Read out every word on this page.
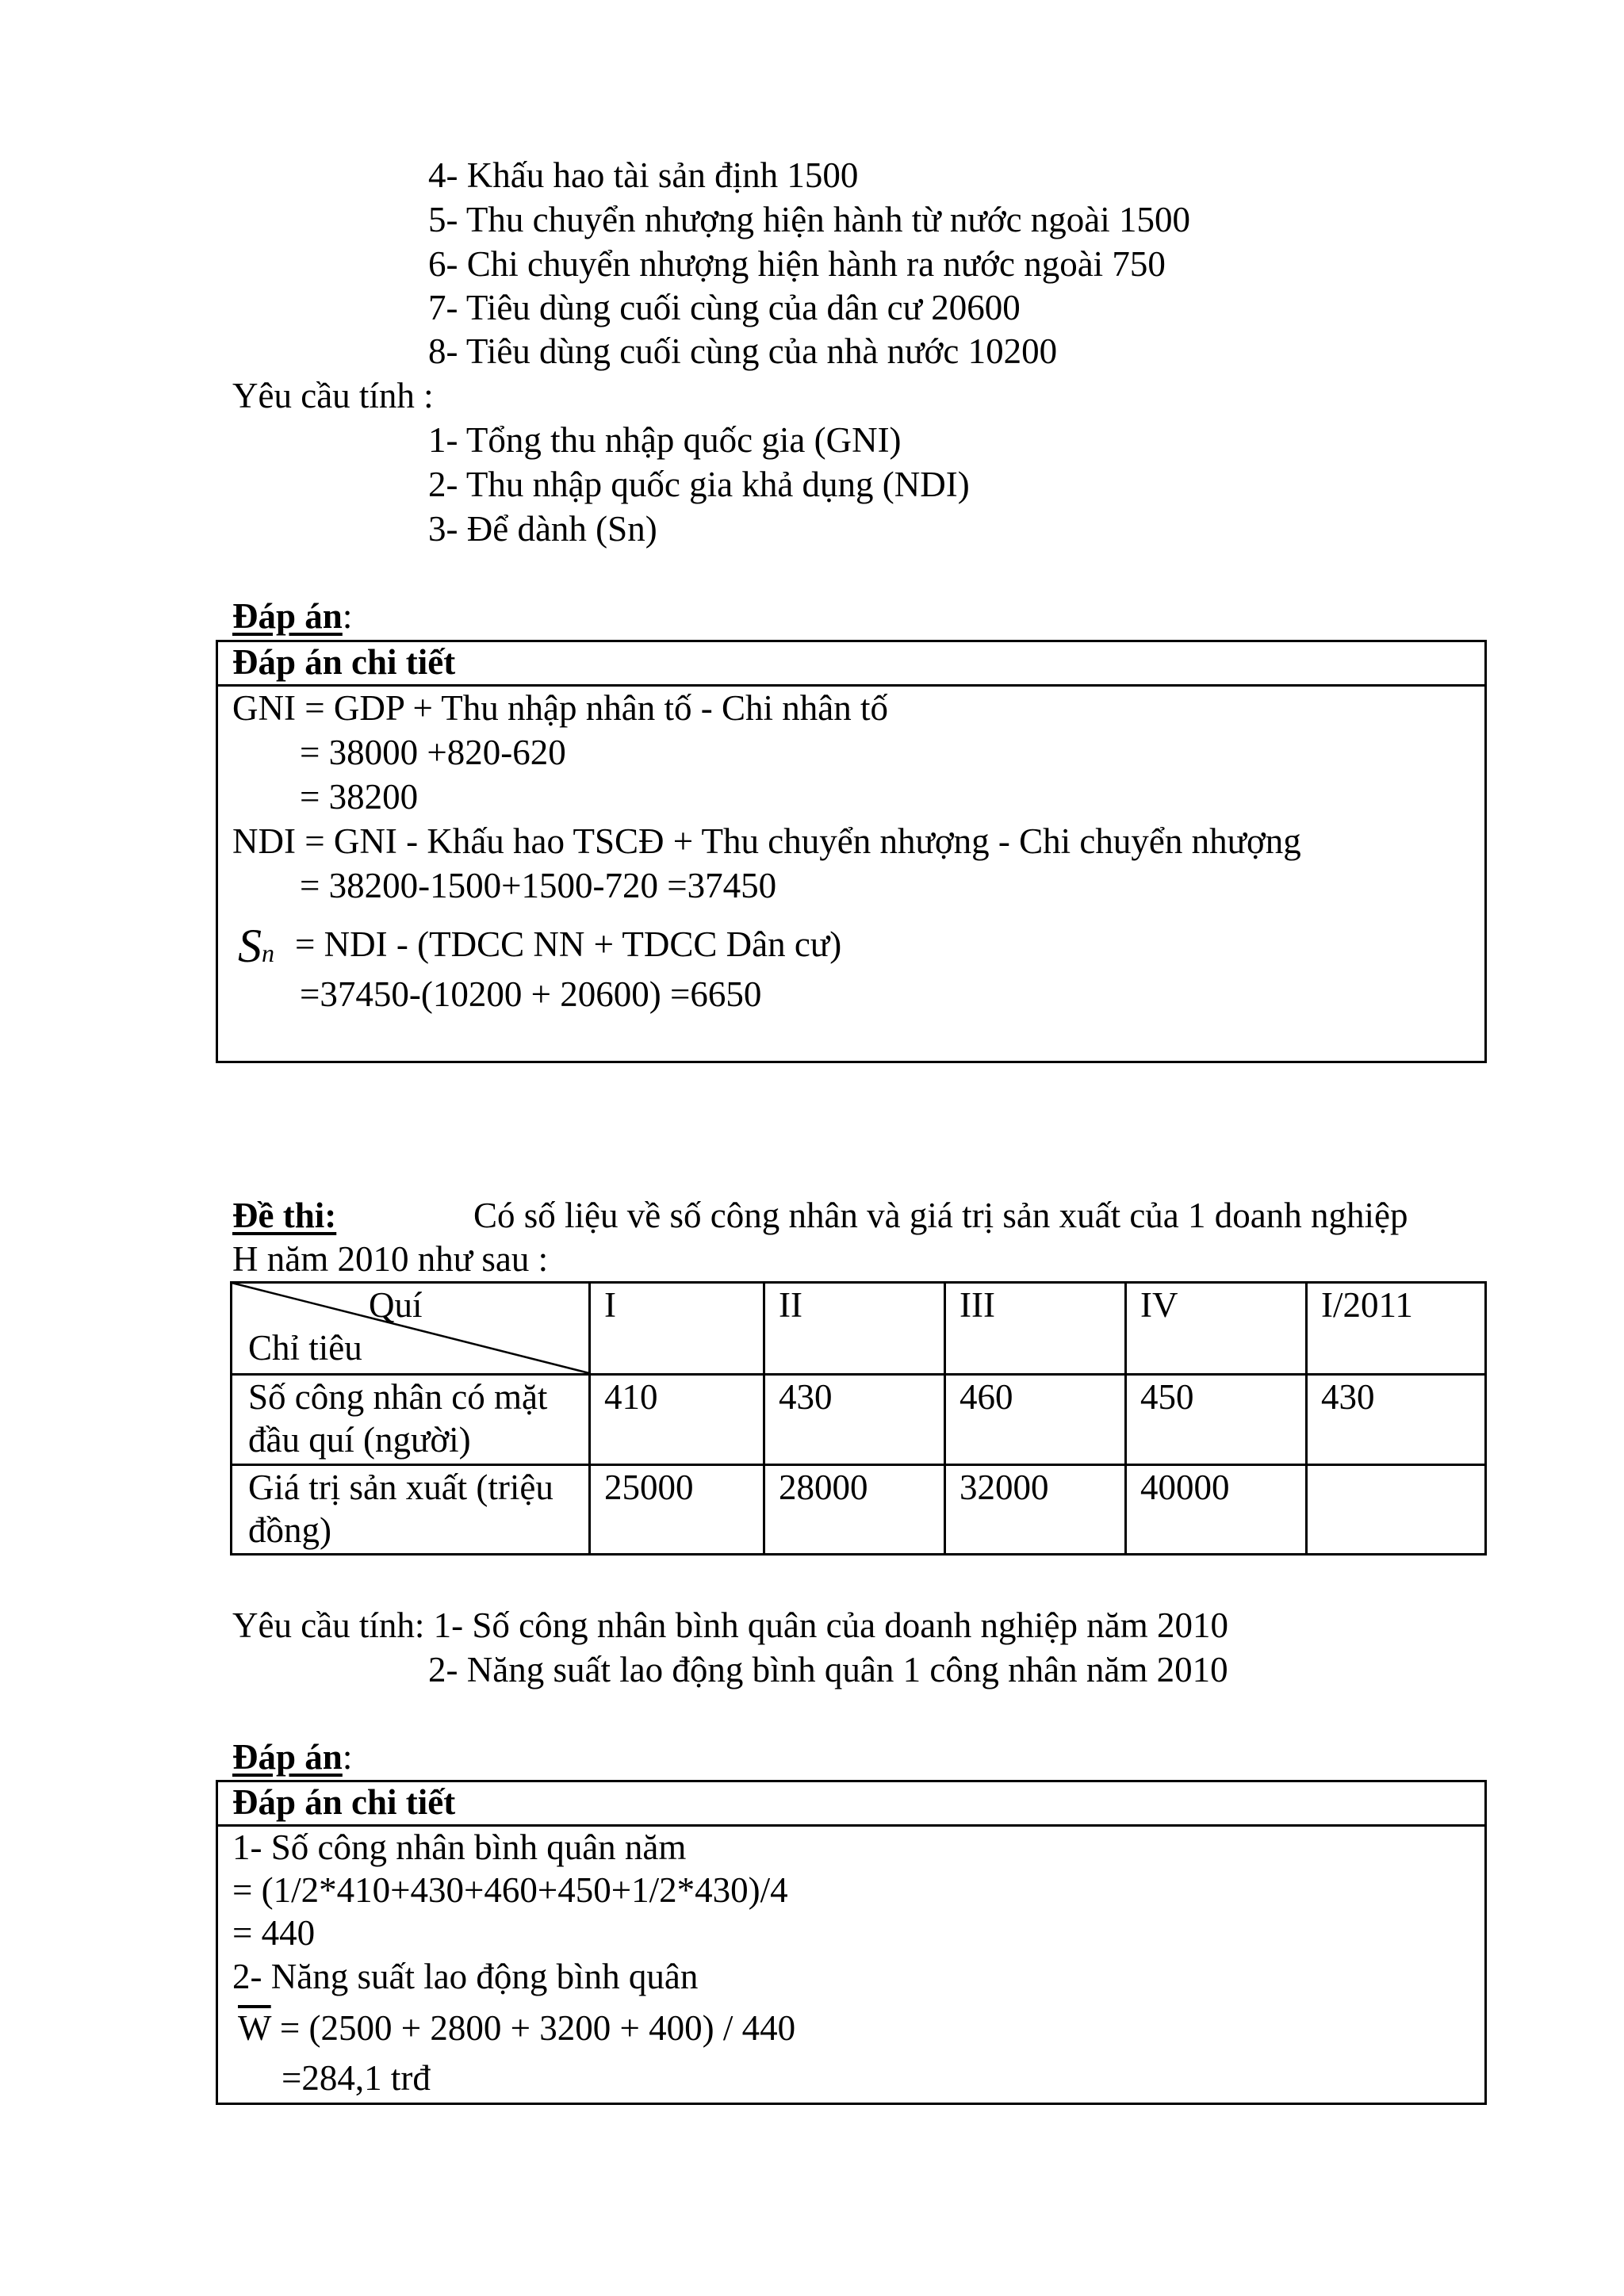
4- Khấu hao tài sản định 1500
5- Thu chuyển nhượng hiện hành từ nước ngoài 1500
6- Chi chuyển nhượng hiện hành ra nước ngoài 750
7- Tiêu dùng cuối cùng của dân cư 20600
8- Tiêu dùng cuối cùng của nhà nước 10200
Yêu cầu tính :
1- Tổng thu nhập quốc gia (GNI)
2- Thu nhập quốc gia khả dụng (NDI)
3- Để dành (Sn)
Đáp án:
Đáp án chi tiết
GNI = GDP + Thu nhập nhân tố - Chi nhân tố
= 38000 +820-620
= 38200
NDI = GNI - Khấu hao TSCĐ + Thu chuyển nhượng - Chi chuyển nhượng
= 38200-1500+1500-720 =37450
Sn = NDI - (TDCC NN + TDCC Dân cư)
=37450-(10200 + 20600) =6650
Đề thi:	Có số liệu về số công nhân và giá trị sản xuất của 1 doanh nghiệp
H năm 2010 như sau :
Quí
Chỉ tiêu
I	II	III	IV	I/2011
Số công nhân có mặt
đầu quí (người)
410	430	460	450	430
Giá trị sản xuất (triệu
đồng)
25000 28000	32000	40000
Yêu cầu tính: 1- Số công nhân bình quân của doanh nghiệp năm 2010
2- Năng suất lao động bình quân 1 công nhân năm 2010
Đáp án:
Đáp án chi tiết
1- Số công nhân bình quân năm
= (1/2*410+430+460+450+1/2*430)/4
= 440
2- Năng suất lao động bình quân
$\overline{W} = (2500 + 2800 + 3200 + 400) / 440$
=284,1 trđ
